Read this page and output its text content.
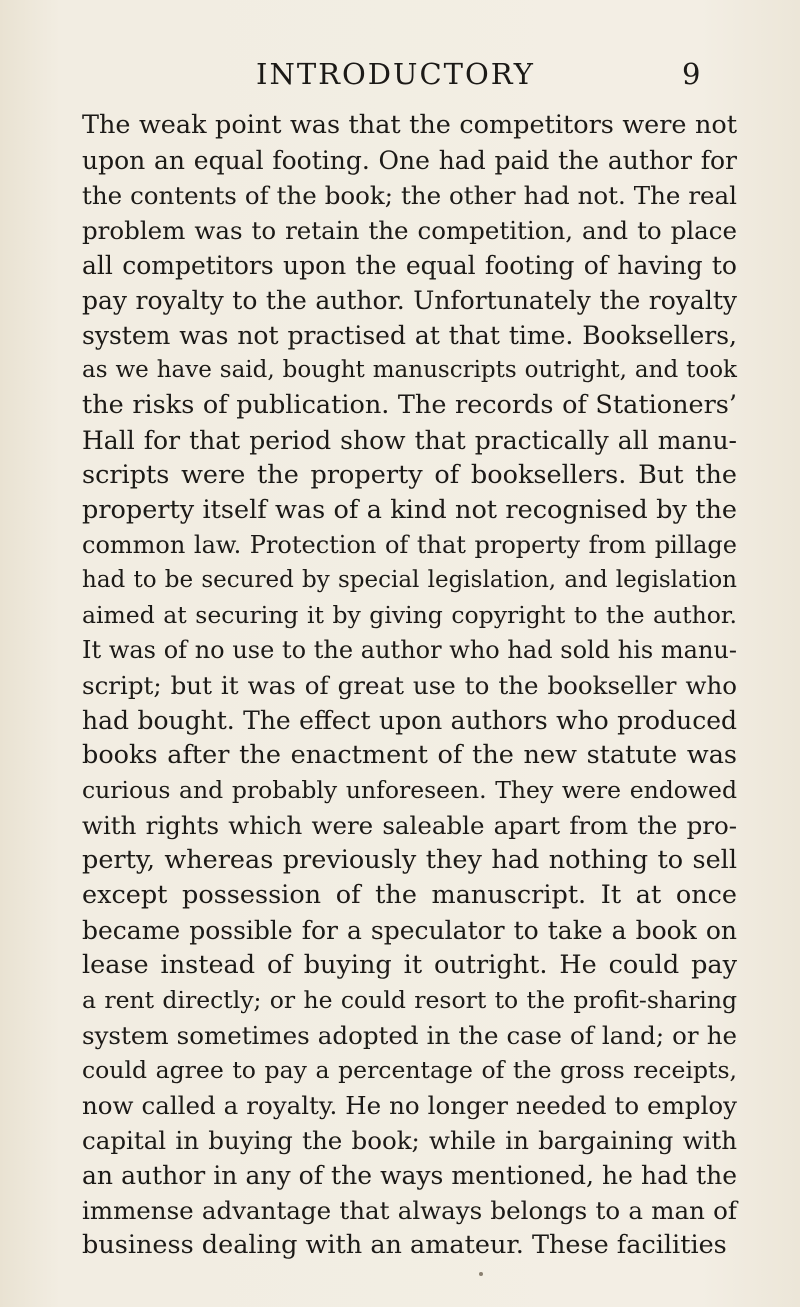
INTRODUCTORY	9
The weak point was that the competitors were not
upon an equal footing. One had paid the author for
the contents of the book; the other had not. The real
problem was to retain the competition, and to place
all competitors upon the equal footing of having to
pay royalty to the author. Unfortunately the royalty
system was not practised at that time. Booksellers,
as we have said, bought manuscripts outright, and took
the risks of publication. The records of Stationers’
Hall for that period show that practically all manu-
scripts were the property of booksellers. But the
property itself was of a kind not recognised by the
common law. Protection of that property from pillage
had to be secured by special legislation, and legislation
aimed at securing it by giving copyright to the author.
It was of no use to the author who had sold his manu-
script; but it was of great use to the bookseller who
had bought. The effect upon authors who produced
books after the enactment of the new statute was
curious and probably unforeseen. They were endowed
with rights which were saleable apart from the pro-
perty, whereas previously they had nothing to sell
except possession of the manuscript. It at once
became possible for a speculator to take a book on
lease instead of buying it outright. He could pay
a rent directly; or he could resort to the profit-sharing
system sometimes adopted in the case of land; or he
could agree to pay a percentage of the gross receipts,
now called a royalty. He no longer needed to employ
capital in buying the book; while in bargaining with
an author in any of the ways mentioned, he had the
immense advantage that always belongs to a man of
business dealing with an amateur. These facilities
